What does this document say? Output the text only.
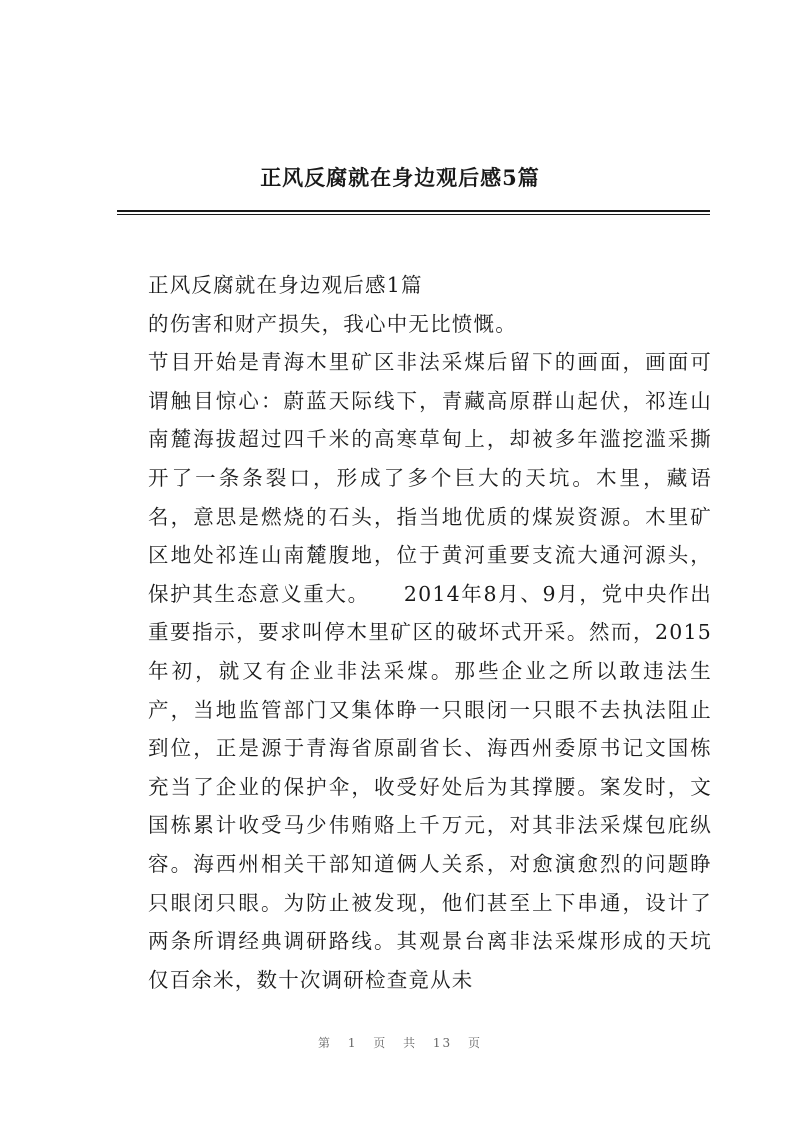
正风反腐就在身边观后感5篇

正风反腐就在身边观后感1篇

的伤害和财产损失，我心中无比愤慨。

节目开始是青海木里矿区非法采煤后留下的画面，画面可谓触目惊心：蔚蓝天际线下，青藏高原群山起伏，祁连山南麓海拔超过四千米的高寒草甸上，却被多年滥挖滥采撕开了一条条裂口，形成了多个巨大的天坑。木里，藏语名，意思是燃烧的石头，指当地优质的煤炭资源。木里矿区地处祁连山南麓腹地，位于黄河重要支流大通河源头，保护其生态意义重大。　　2014年8月、9月，党中央作出重要指示，要求叫停木里矿区的破坏式开采。然而，2015年初，就又有企业非法采煤。那些企业之所以敢违法生产，当地监管部门又集体睁一只眼闭一只眼不去执法阻止到位，正是源于青海省原副省长、海西州委原书记文国栋充当了企业的保护伞，收受好处后为其撑腰。案发时，文国栋累计收受马少伟贿赂上千万元，对其非法采煤包庇纵容。海西州相关干部知道俩人关系，对愈演愈烈的问题睁只眼闭只眼。为防止被发现，他们甚至上下串通，设计了两条所谓经典调研路线。其观景台离非法采煤形成的天坑仅百余米，数十次调研检查竟从未

第 1 页 共 13 页
